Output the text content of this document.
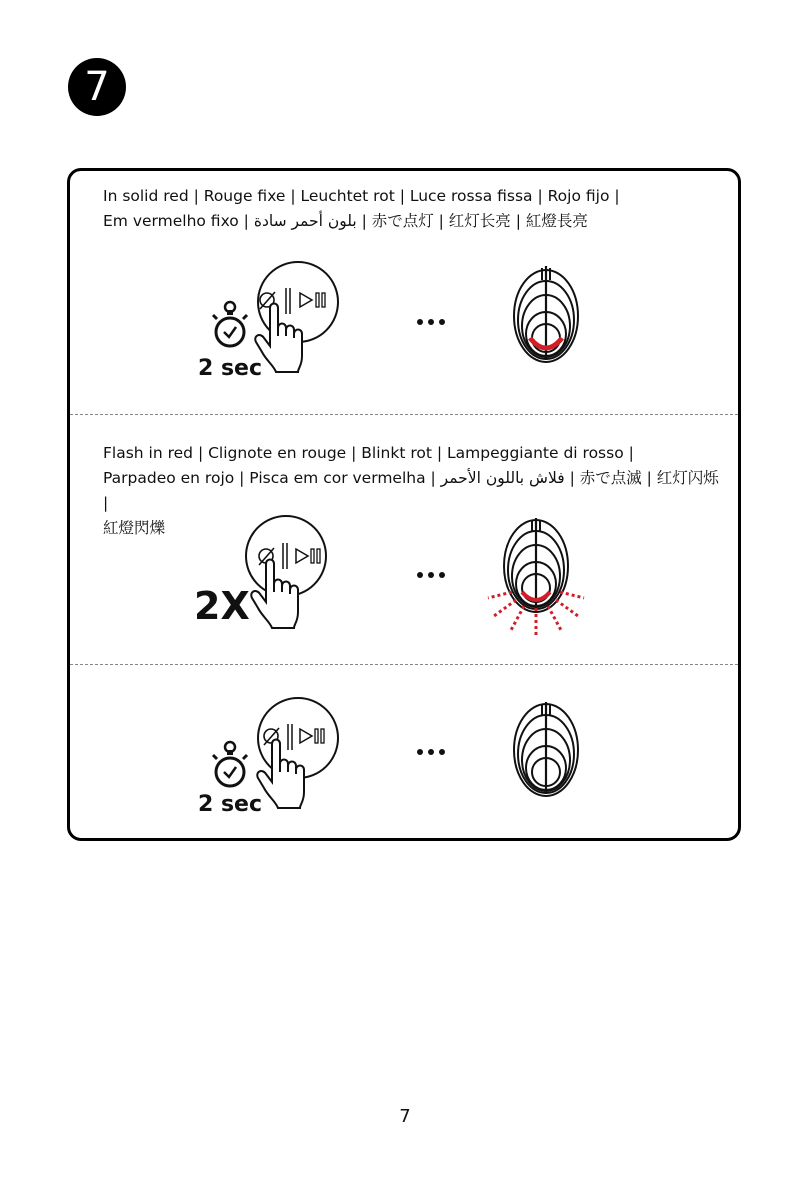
7
In solid red | Rouge fixe | Leuchtet rot | Luce rossa fissa | Rojo fijo |
Em vermelho fixo | بلون أحمر سادة | 赤で点灯 | 红灯长亮 | 紅燈長亮
2 sec
Flash in red | Clignote en rouge | Blinkt rot | Lampeggiante di rosso |
Parpadeo en rojo | Pisca em cor vermelha | فلاش باللون الأحمر | 赤で点滅 | 红灯闪烁 |
紅燈閃爍
2X
2 sec
7
